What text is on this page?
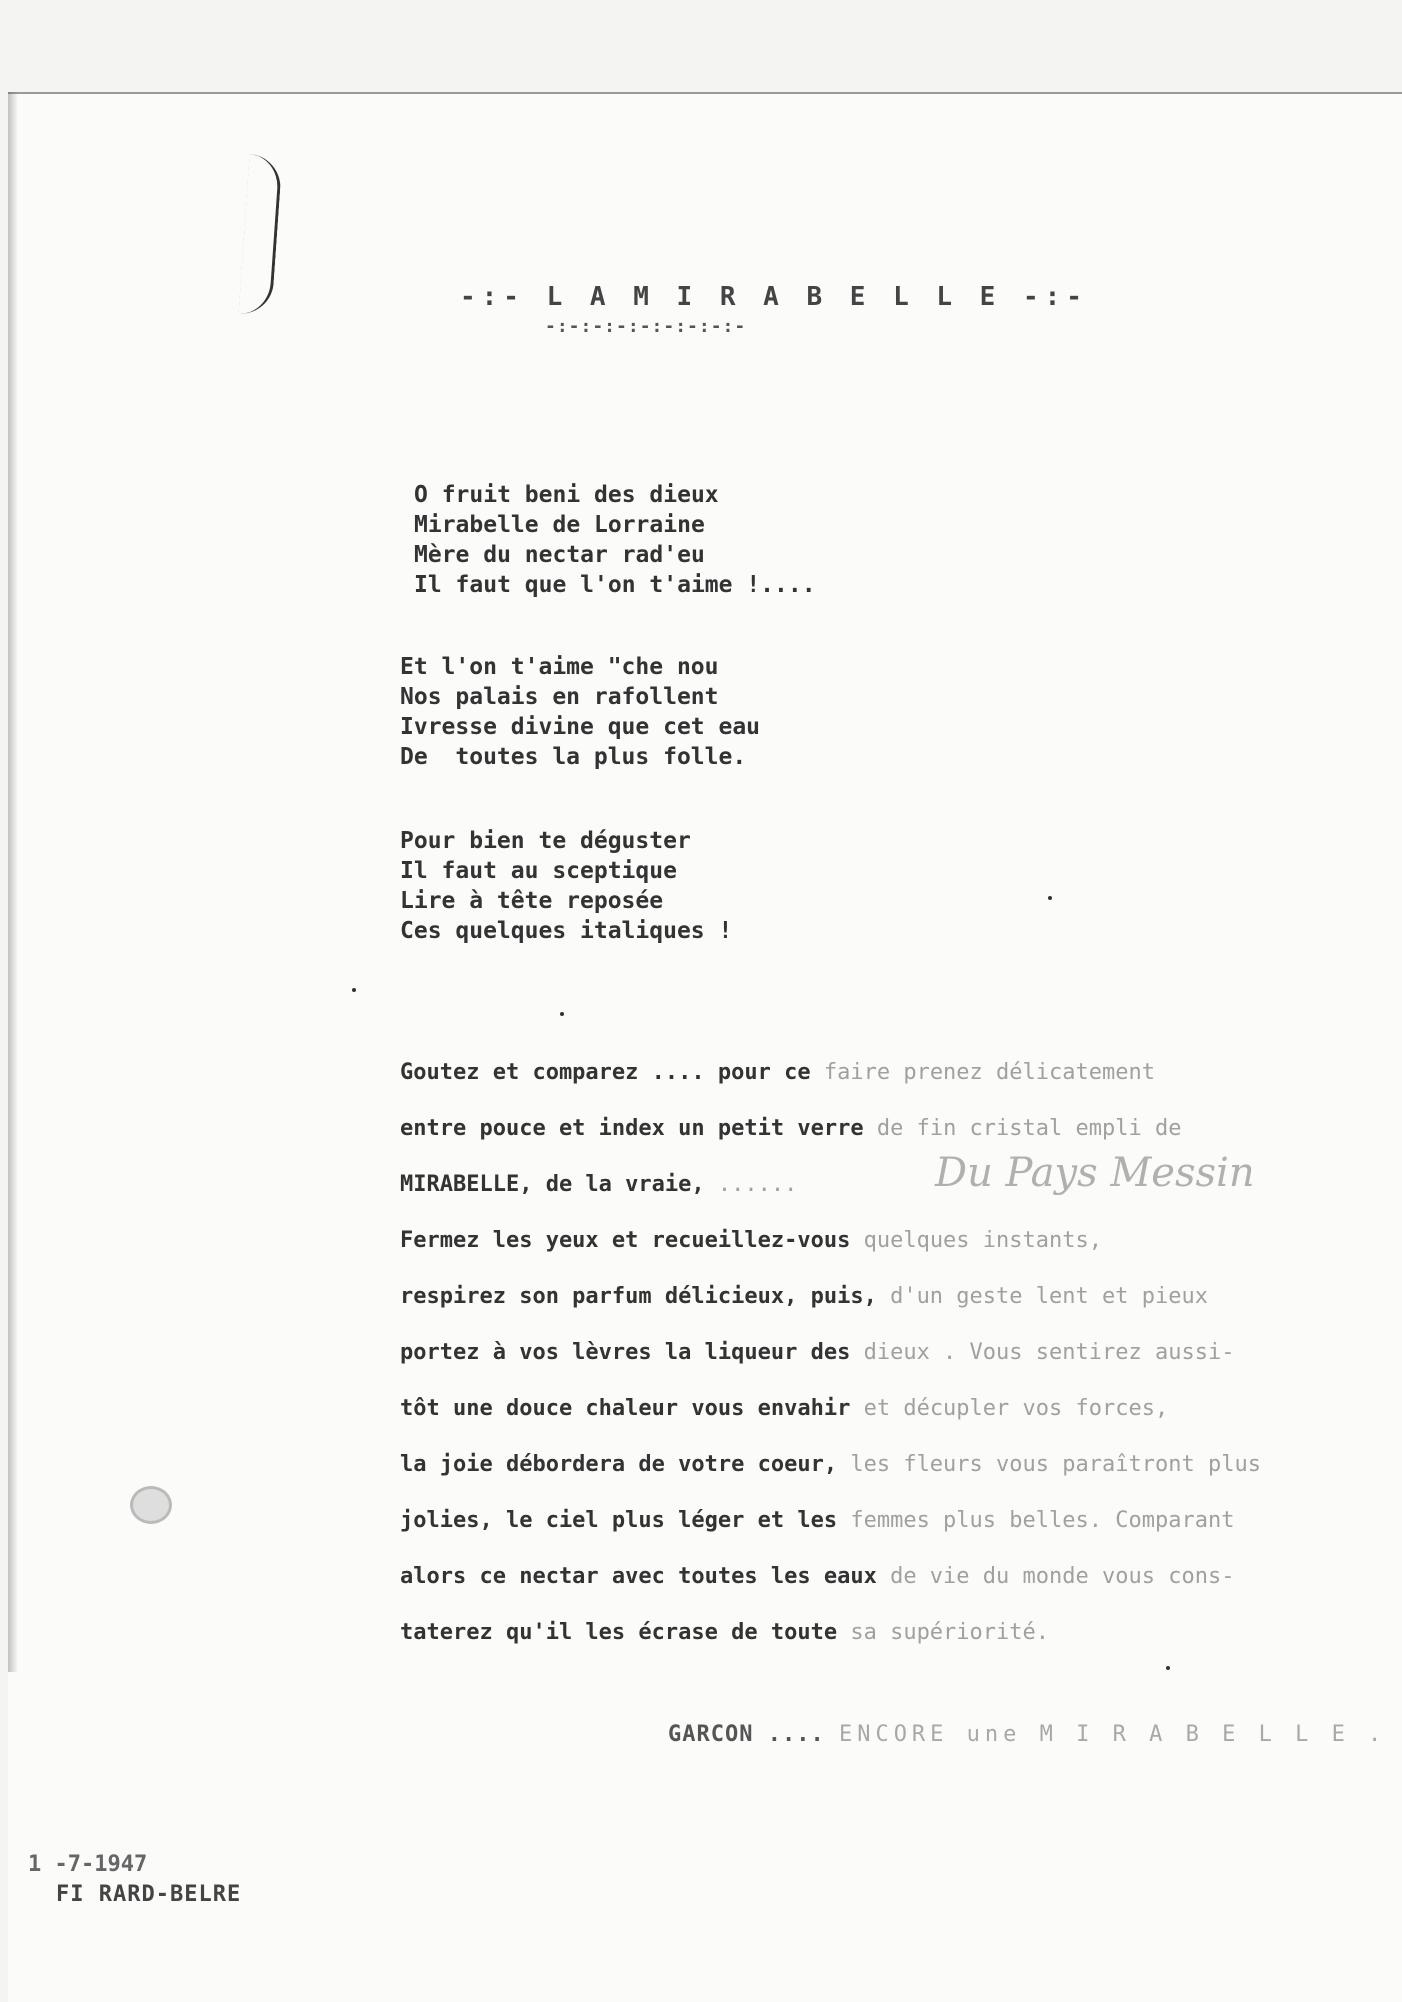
-:- L A M I R A B E L L E -:-
-:-:-:-:-:-:-:-:-
O fruit beni des dieux
Mirabelle de Lorraine
Mère du nectar rad'eu
Il faut que l'on t'aime !....
Et l'on t'aime "che nou
Nos palais en rafollent
Ivresse divine que cet eau
De  toutes la plus folle.
Pour bien te déguster
Il faut au sceptique
Lire à tête reposée
Ces quelques italiques !
Goutez et comparez .... pour ce faire prenez délicatement
entre pouce et index un petit verre de fin cristal empli de
MIRABELLE, de la vraie, ......	Du Pays Messin
Fermez les yeux et recueillez-vous quelques instants,
respirez son parfum délicieux, puis, d'un geste lent et pieux
portez à vos lèvres la liqueur des dieux . Vous sentirez aussi-
tôt une douce chaleur vous envahir et décupler vos forces,
la joie débordera de votre coeur, les fleurs vous paraîtront plus
jolies, le ciel plus léger et les femmes plus belles. Comparant
alors ce nectar avec toutes les eaux de vie du monde vous cons-
taterez qu'il les écrase de toute sa supériorité.
GARCON .... ENCORE une M I R A B E L L E .
1 -7-1947
FI RARD-BELRE
